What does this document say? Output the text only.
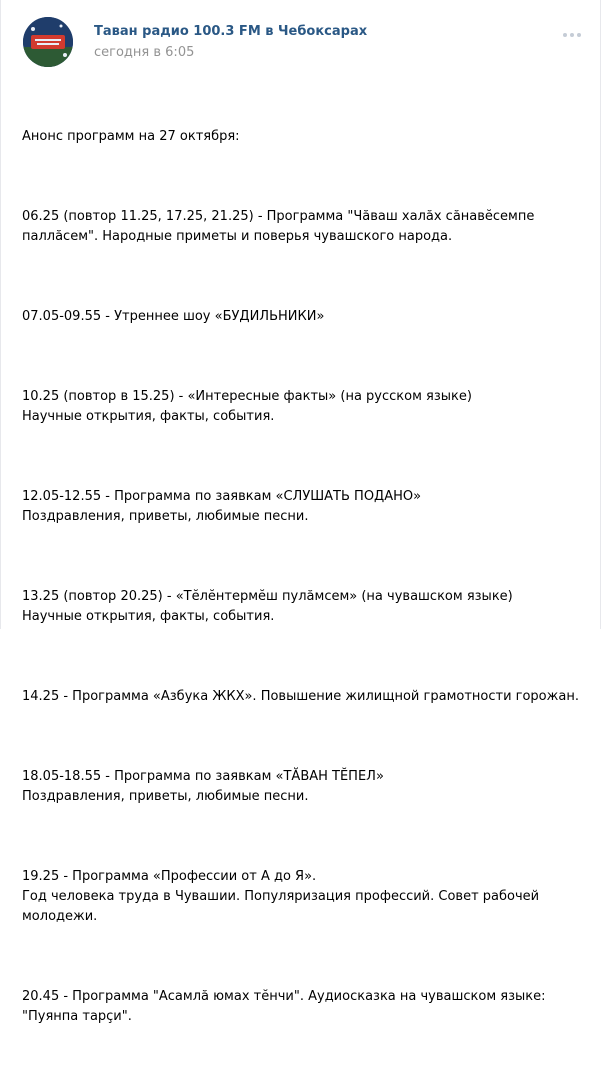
Таван радио 100.3 FM в Чебоксарах
сегодня в 6:05

Анонс программ на 27 октября:

06.25 (повтор 11.25, 17.25, 21.25) - Программа "Чăваш халăх сăнавĕсемпе паллăсем". Народные приметы и поверья чувашского народа.

07.05-09.55 - Утреннее шоу «БУДИЛЬНИКИ»

10.25 (повтор в 15.25) - «Интересные факты» (на русском языке)
Научные открытия, факты, события.

12.05-12.55 - Программа по заявкам «СЛУШАТЬ ПОДАНО»
Поздравления, приветы, любимые песни.

13.25 (повтор 20.25) - «Тĕлĕнтермĕш пулăмсем» (на чувашском языке)
Научные открытия, факты, события.

14.25 - Программа «Азбука ЖКХ». Повышение жилищной грамотности горожан.

18.05-18.55 - Программа по заявкам «ТĂВАН ТĔПЕЛ»
Поздравления, приветы, любимые песни.

19.25 - Программа «Профессии от А до Я».
Год человека труда в Чувашии. Популяризация профессий. Совет рабочей молодежи.

20.45 - Программа "Асамлă юмах тĕнчи". Аудиосказка на чувашском языке: "Пуянпа тарçи".
